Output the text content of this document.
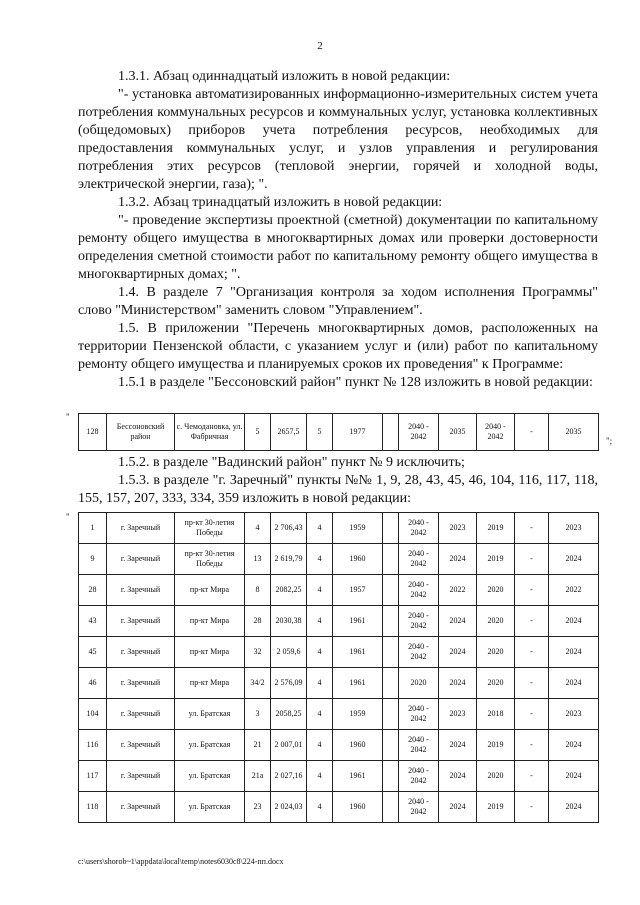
2

1.3.1. Абзац одиннадцатый изложить в новой редакции:

"- установка автоматизированных информационно-измерительных систем учета потребления коммунальных ресурсов и коммунальных услуг, установка коллективных (общедомовых) приборов учета потребления ресурсов, необходимых для предоставления коммунальных услуг, и узлов управления и регулирования потребления этих ресурсов (тепловой энергии, горячей и холодной воды, электрической энергии, газа); ".

1.3.2. Абзац тринадцатый изложить в новой редакции:

"- проведение экспертизы проектной (сметной) документации по капитальному ремонту общего имущества в многоквартирных домах или проверки достоверности определения сметной стоимости работ по капитальному ремонту общего имущества в многоквартирных домах; ".

1.4. В разделе 7 "Организация контроля за ходом исполнения Программы" слово "Министерством" заменить словом "Управлением".

1.5. В приложении "Перечень многоквартирных домов, расположенных на территории Пензенской области, с указанием услуг и (или) работ по капитальному ремонту общего имущества и планируемых сроков их проведения" к Программе:

1.5.1 в разделе "Бессоновский район" пункт № 128 изложить в новой редакции:

"
128	Бессоновский район	с. Чемодановка, ул. Фабричная	5	2657,5	5	1977		2040 - 2042	2035	2040 - 2042	-	2035
";

1.5.2. в разделе "Вадинский район" пункт № 9 исключить;

1.5.3. в разделе "г. Заречный" пункты №№ 1, 9, 28, 43, 45, 46, 104, 116, 117, 118, 155, 157, 207, 333, 334, 359 изложить в новой редакции:

"
1	г. Заречный	пр-кт 30-летия Победы	4	2 706,43	4	1959		2040 - 2042	2023	2019	-	2023
9	г. Заречный	пр-кт 30-летия Победы	13	2 619,79	4	1960		2040 - 2042	2024	2019	-	2024
28	г. Заречный	пр-кт Мира	8	2082,25	4	1957		2040 - 2042	2022	2020	-	2022
43	г. Заречный	пр-кт Мира	28	2030,38	4	1961		2040 - 2042	2024	2020	-	2024
45	г. Заречный	пр-кт Мира	32	2 059,6	4	1961		2040 - 2042	2024	2020	-	2024
46	г. Заречный	пр-кт Мира	34/2	2 576,09	4	1961		2020	2024	2020	-	2024
104	г. Заречный	ул. Братская	3	2058,25	4	1959		2040 - 2042	2023	2018	-	2023
116	г. Заречный	ул. Братская	21	2 007,01	4	1960		2040 - 2042	2024	2019	-	2024
117	г. Заречный	ул. Братская	21а	2 027,16	4	1961		2040 - 2042	2024	2020	-	2024
118	г. Заречный	ул. Братская	23	2 024,03	4	1960		2040 - 2042	2024	2019	-	2024
c:\users\shorob~1\appdata\local\temp\notes6030c8\224-пп.docx
